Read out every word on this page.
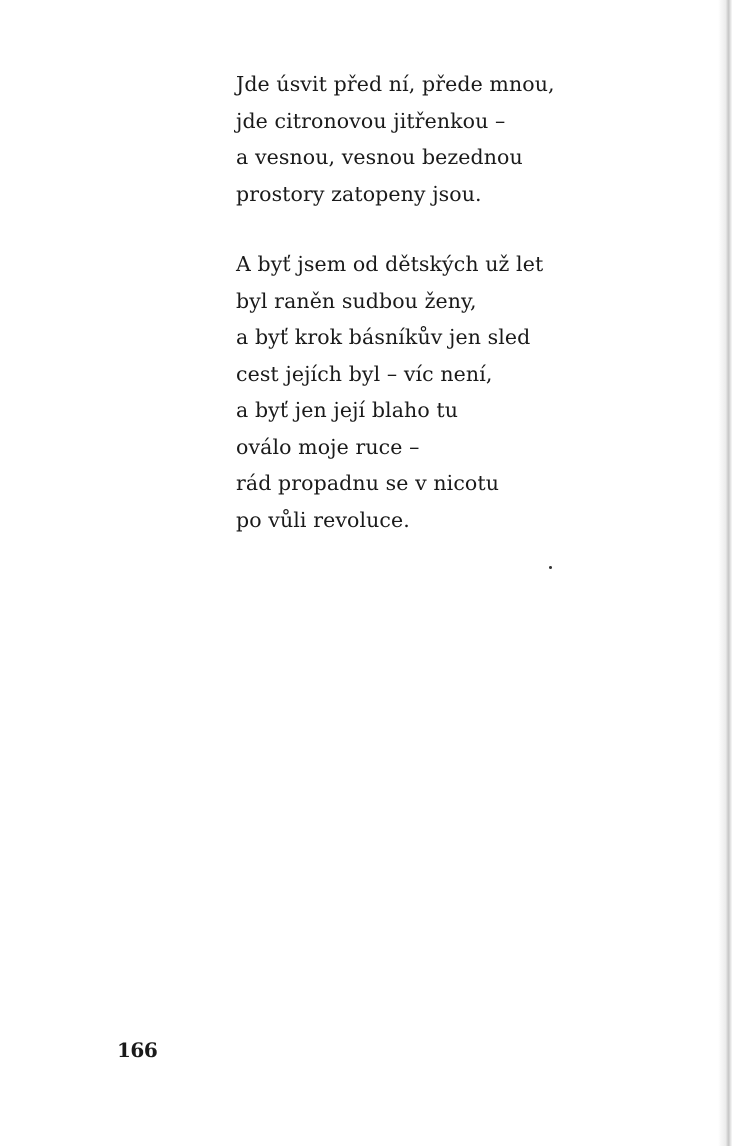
Jde úsvit před ní, přede mnou,
jde citronovou jitřenkou –
a vesnou, vesnou bezednou
prostory zatopeny jsou.
A byť jsem od dětských už let
byl raněn sudbou ženy,
a byť krok básníkův jen sled
cest jejích byl – víc není,
a byť jen její blaho tu
oválo moje ruce –
rád propadnu se v nicotu
po vůli revoluce.
166
